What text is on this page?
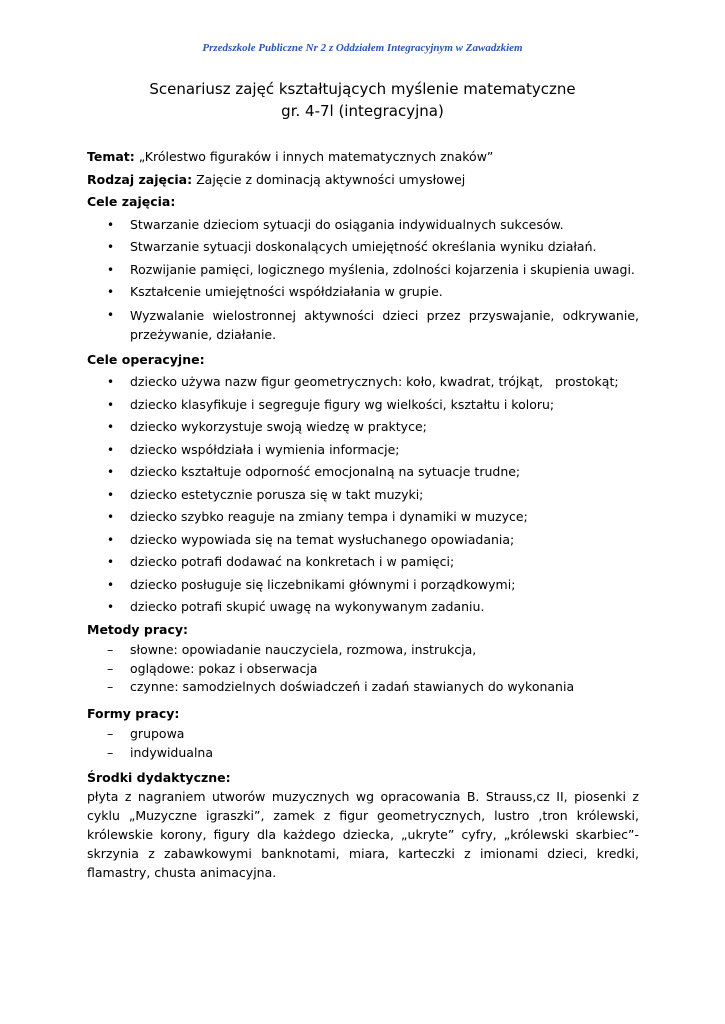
Przedszkole Publiczne Nr 2 z Oddziałem Integracyjnym w Zawadzkiem
Scenariusz zajęć kształtujących myślenie matematyczne
gr. 4-7l (integracyjna)

Temat: „Królestwo figuraków i innych matematycznych znaków”

Rodzaj zajęcia: Zajęcie z dominacją aktywności umysłowej

Cele zajęcia:
• Stwarzanie dzieciom sytuacji do osiągania indywidualnych sukcesów.
• Stwarzanie sytuacji doskonalących umiejętność określania wyniku działań.
• Rozwijanie pamięci, logicznego myślenia, zdolności kojarzenia i skupienia uwagi.
• Kształcenie umiejętności współdziałania w grupie.
• Wyzwalanie wielostronnej aktywności dzieci przez przyswajanie, odkrywanie, przeżywanie, działanie.
Cele operacyjne:
• dziecko używa nazw figur geometrycznych: koło, kwadrat, trójkąt,   prostokąt;
• dziecko klasyfikuje i segreguje figury wg wielkości, kształtu i koloru;
• dziecko wykorzystuje swoją wiedzę w praktyce;
• dziecko współdziała i wymienia informacje;
• dziecko kształtuje odporność emocjonalną na sytuacje trudne;
• dziecko estetycznie porusza się w takt muzyki;
• dziecko szybko reaguje na zmiany tempa i dynamiki w muzyce;
• dziecko wypowiada się na temat wysłuchanego opowiadania;
• dziecko potrafi dodawać na konkretach i w pamięci;
• dziecko posługuje się liczebnikami głównymi i porządkowymi;
• dziecko potrafi skupić uwagę na wykonywanym zadaniu.
Metody pracy:
– słowne: opowiadanie nauczyciela, rozmowa, instrukcja,
– oglądowe: pokaz i obserwacja
– czynne: samodzielnych doświadczeń i zadań stawianych do wykonania
Formy pracy:
– grupowa
– indywidualna
Środki dydaktyczne:
płyta z nagraniem utworów muzycznych wg opracowania B. Strauss,cz II, piosenki z cyklu „Muzyczne igraszki”, zamek z figur geometrycznych, lustro ,tron królewski, królewskie korony, figury dla każdego dziecka, „ukryte” cyfry, „królewski skarbiec”- skrzynia z zabawkowymi banknotami, miara, karteczki z imionami dzieci, kredki, flamastry, chusta animacyjna.
